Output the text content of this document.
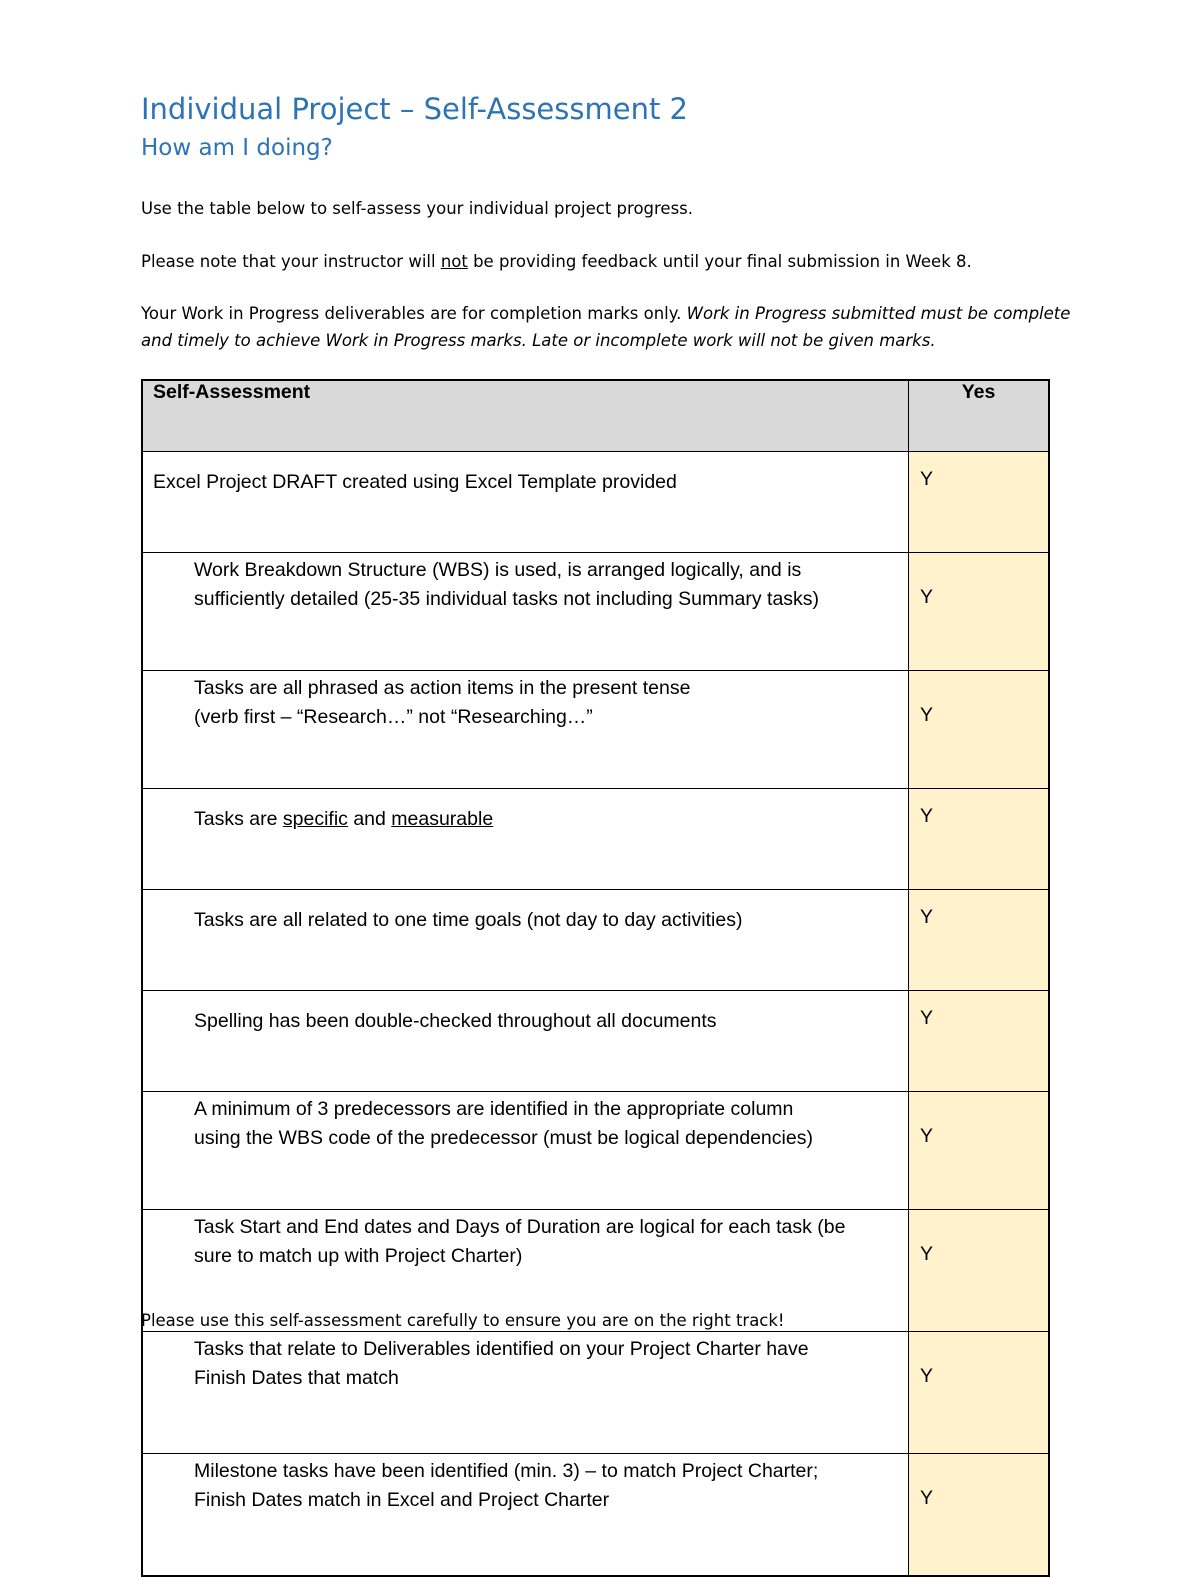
Individual Project – Self-Assessment 2
How am I doing?
Use the table below to self-assess your individual project progress.
Please note that your instructor will not be providing feedback until your final submission in Week 8.
Your Work in Progress deliverables are for completion marks only. Work in Progress submitted must be complete and timely to achieve Work in Progress marks. Late or incomplete work will not be given marks.
Self-Assessment	Yes

Excel Project DRAFT created using Excel Template provided	Y

Work Breakdown Structure (WBS) is used, is arranged logically, and is
sufficiently detailed (25-35 individual tasks not including Summary tasks)	Y

Tasks are all phrased as action items in the present tense
(verb first – “Research…” not “Researching…”	Y

Tasks are specific and measurable	Y

Tasks are all related to one time goals (not day to day activities)	Y

Spelling has been double-checked throughout all documents	Y

A minimum of 3 predecessors are identified in the appropriate column
using the WBS code of the predecessor (must be logical dependencies)	Y

Task Start and End dates and Days of Duration are logical for each task (be
sure to match up with Project Charter)	Y

Tasks that relate to Deliverables identified on your Project Charter have
Finish Dates that match	Y

Milestone tasks have been identified (min. 3) – to match Project Charter;
Finish Dates match in Excel and Project Charter	Y
Please use this self-assessment carefully to ensure you are on the right track!
